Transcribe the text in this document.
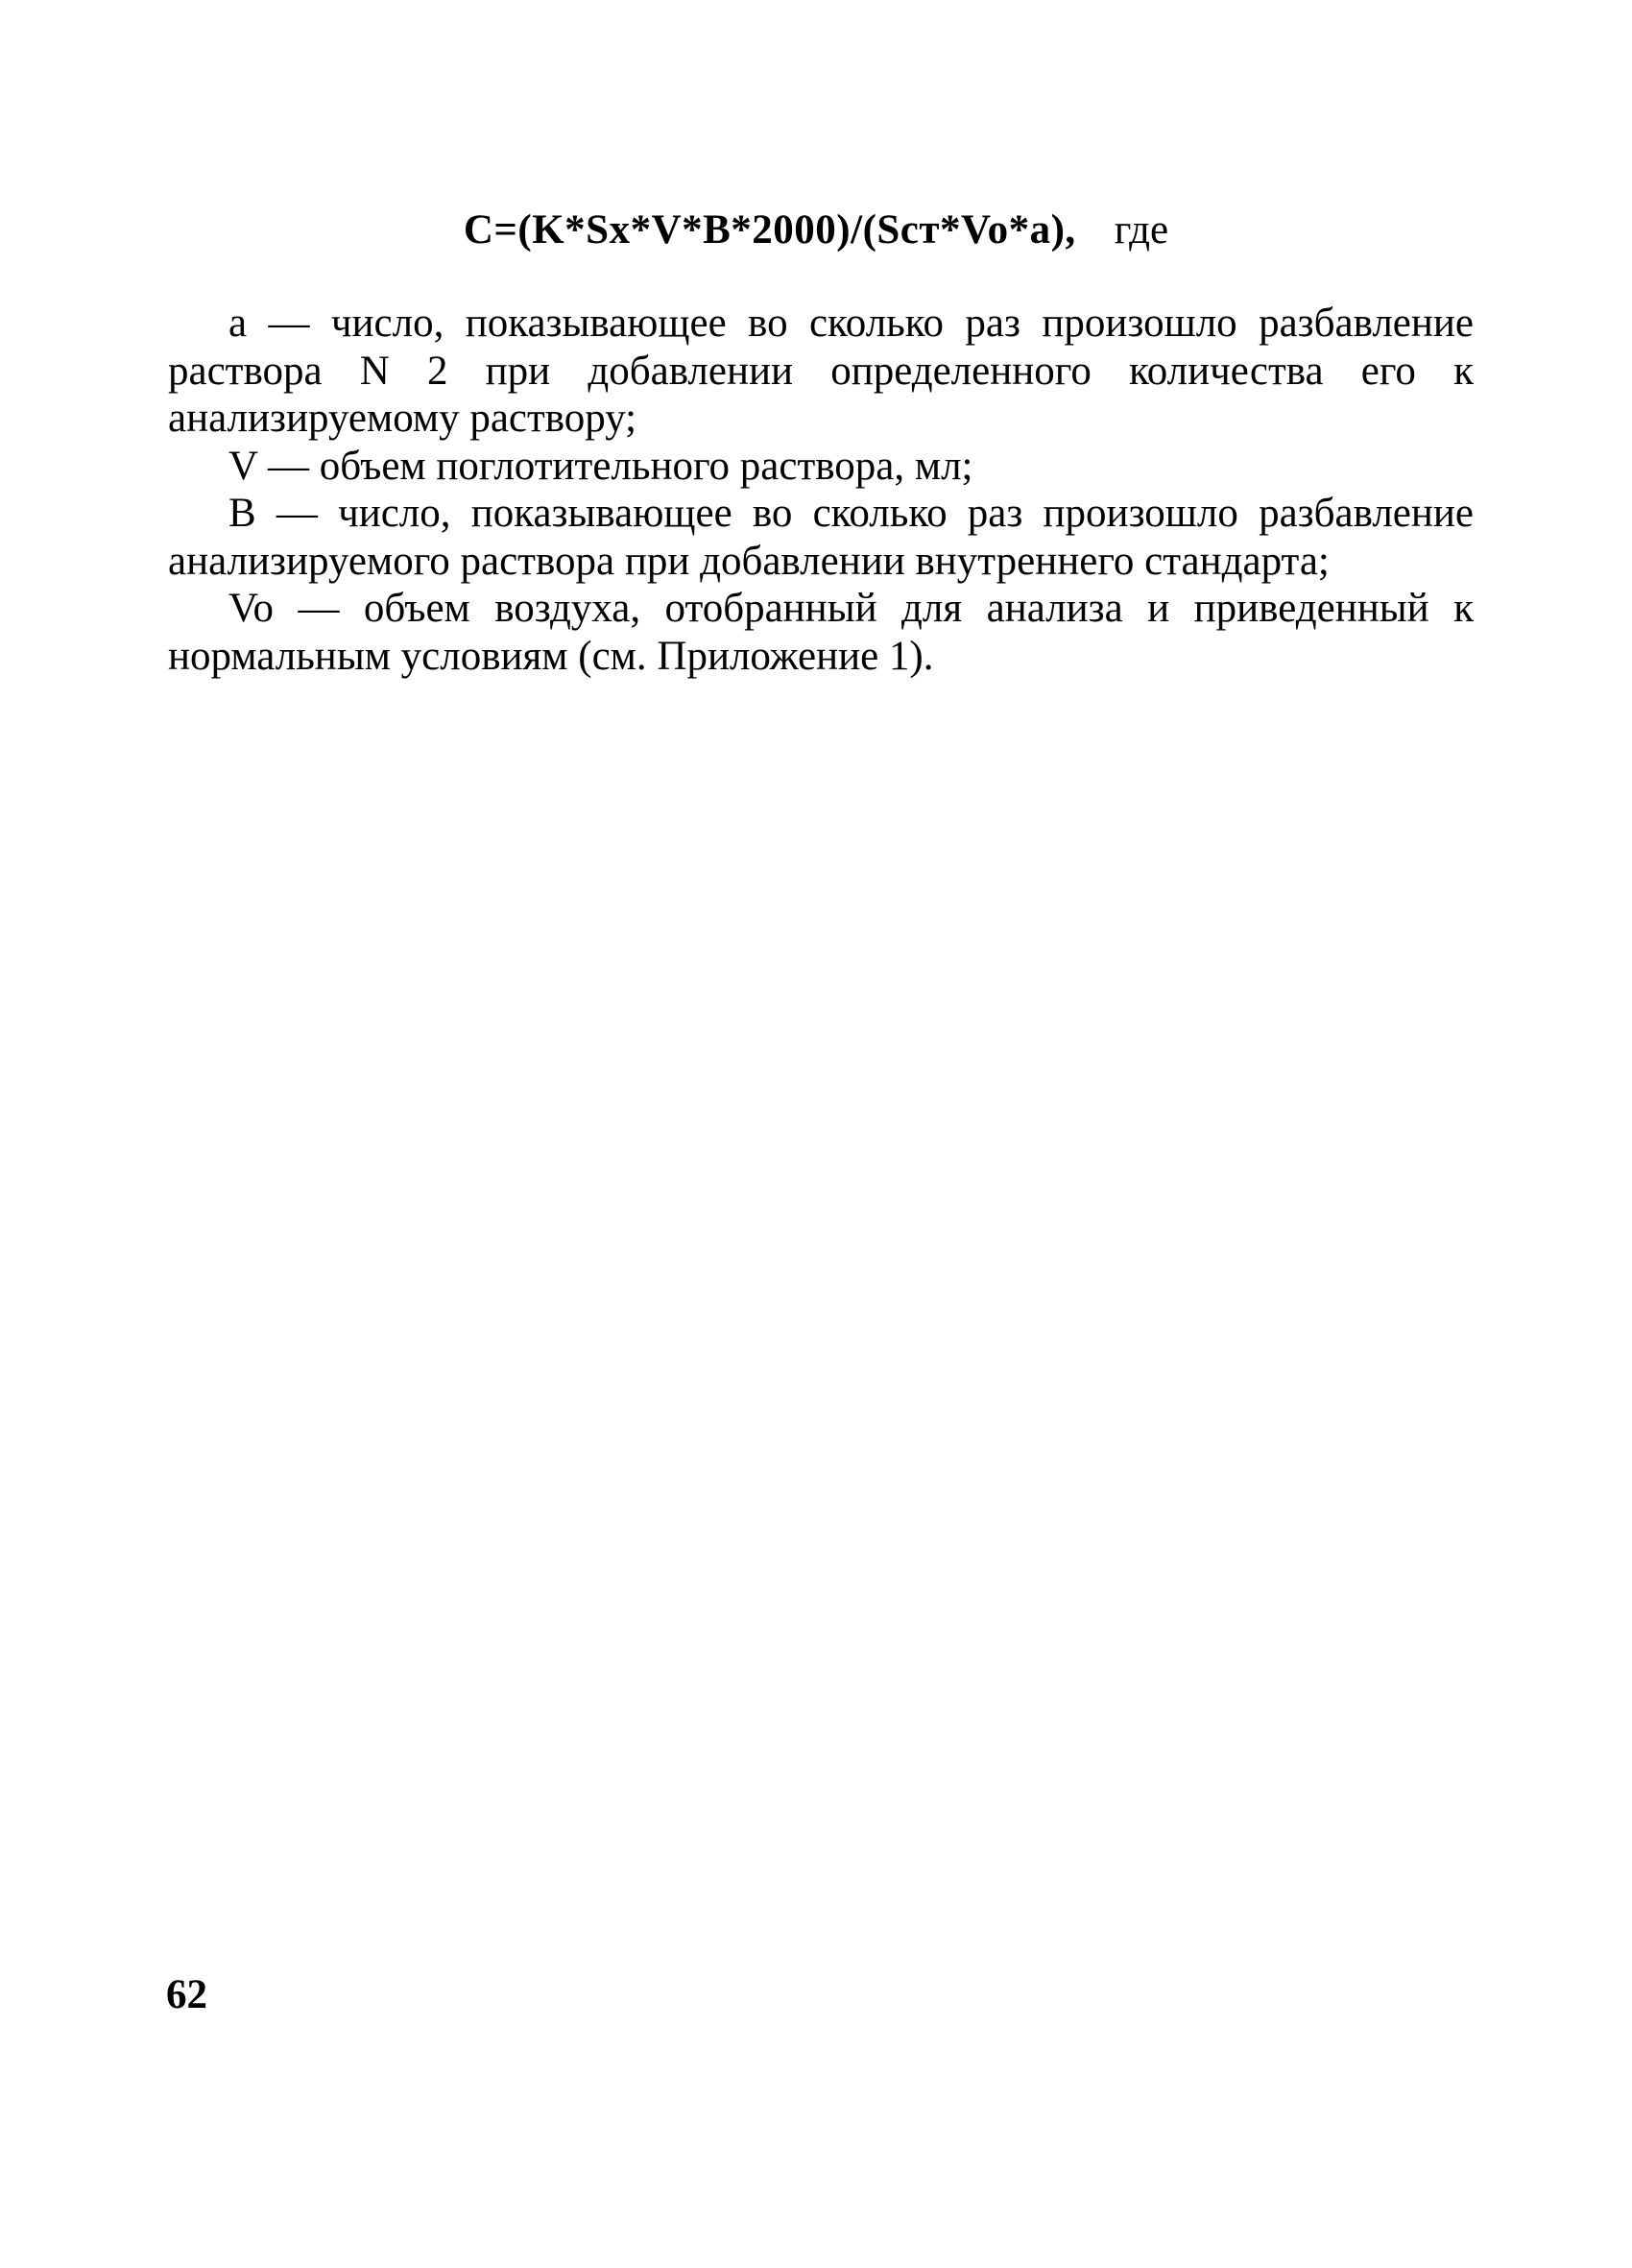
C=(K*Sx*V*B*2000)/(Scт*Vo*a), где

а — число, показывающее во сколько раз произошло разбавление раствора N 2 при добавлении определенного количества его к анализируемому раствору;

V — объем поглотительного раствора, мл;

B — число, показывающее во сколько раз произошло разбавление анализируемого раствора при добавлении внутреннего стандарта;

Vo — объем воздуха, отобранный для анализа и приведенный к нормальным условиям (см. Приложение 1).

62
